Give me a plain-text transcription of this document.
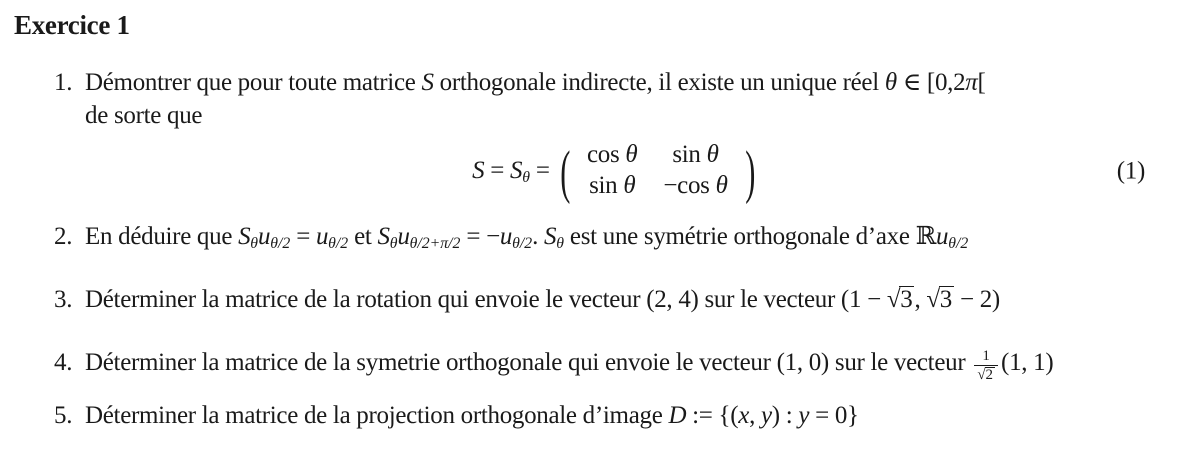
Exercice 1
1. Démontrer que pour toute matrice S orthogonale indirecte, il existe un unique réel θ ∈ [0,2π[
de sorte que
$S = S_\theta$ = ( cos θ	sin θ
sin θ	−cos θ )	(1)
2. En déduire que $S_\theta u_{\theta/2} = u_{\theta/2}$ et $S_\theta u_{\theta/2+\pi/2} = -u_{\theta/2}$. $S_\theta$ est une symétrie orthogonale d’axe ℝu$_{\theta/2}$
3. Déterminer la matrice de la rotation qui envoie le vecteur (2, 4) sur le vecteur (1 − √3, √3 − 2)
4. Déterminer la matrice de la symetrie orthogonale qui envoie le vecteur (1, 0) sur le vecteur $\frac{1}{√2} (1$, 1)
5. Déterminer la matrice de la projection orthogonale d’image D := {(x, y) : y = 0}
